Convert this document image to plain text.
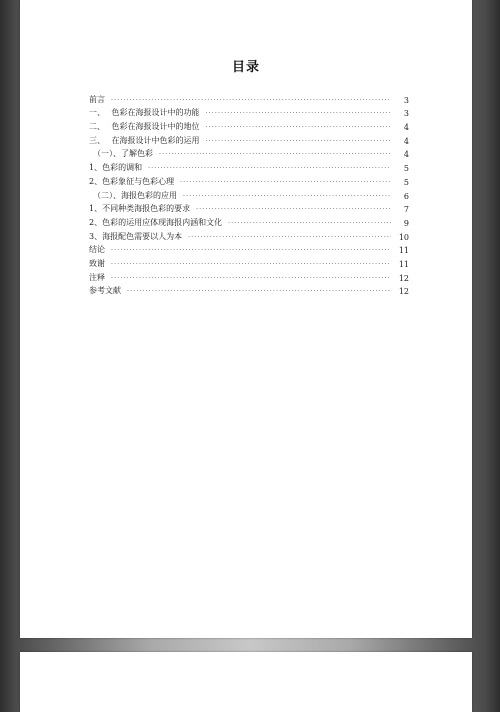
目录
前言 ·····	3
一、　 色彩在海报设计中的功能 ·····	3
二、　 色彩在海报设计中的地位 ·····	4
三、　 在海报设计中色彩的运用 ·····	4
（一）、了解色彩 ·····	4
1、色彩的调和 ·····	5
2、色彩象征与色彩心理 ·····	5
（二）、海报色彩的应用 ·····	6
1、不同种类海报色彩的要求 ·····	7
2、色彩的运用应体现海报内涵和文化 ·····	9
3、海报配色需要以人为本 ·····	10
结论 ·····	11
致谢 ·····	11
注释 ·····	12
参考文献 ·····	12
